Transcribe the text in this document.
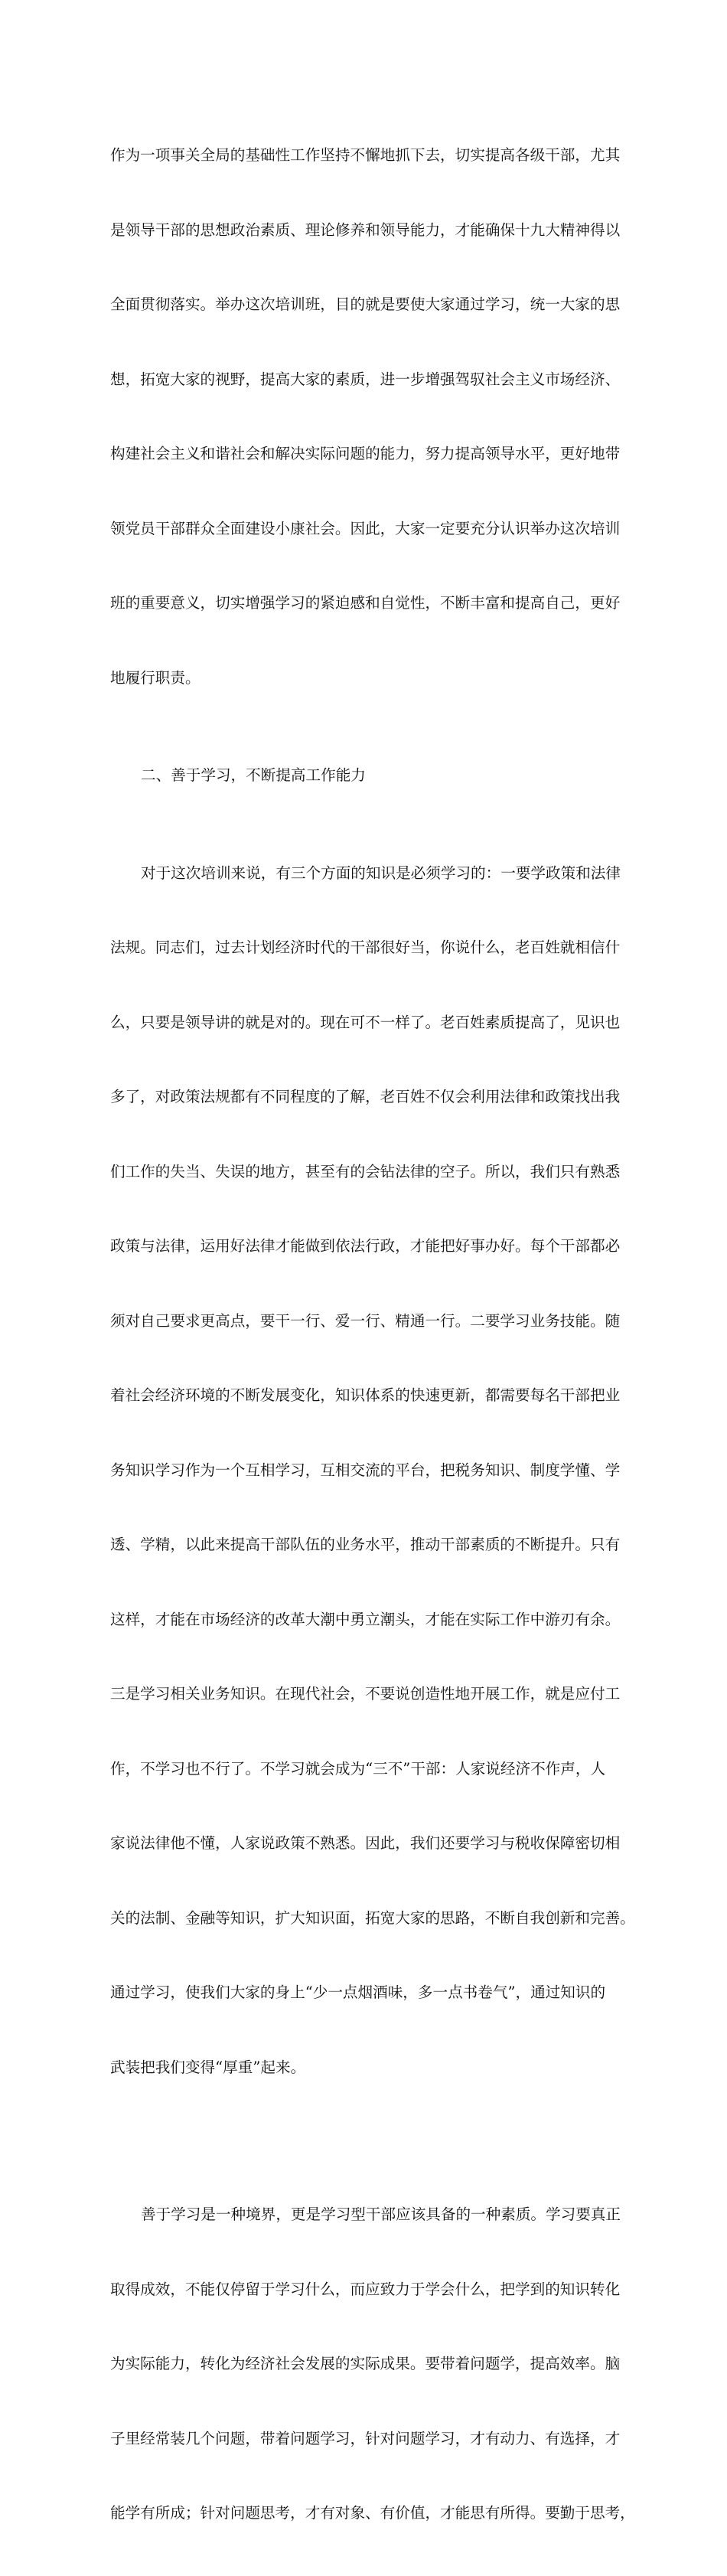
作为一项事关全局的基础性工作坚持不懈地抓下去，切实提高各级干部，尤其

是领导干部的思想政治素质、理论修养和领导能力，才能确保十九大精神得以

全面贯彻落实。举办这次培训班，目的就是要使大家通过学习，统一大家的思

想，拓宽大家的视野，提高大家的素质，进一步增强驾驭社会主义市场经济、

构建社会主义和谐社会和解决实际问题的能力，努力提高领导水平，更好地带

领党员干部群众全面建设小康社会。因此，大家一定要充分认识举办这次培训

班的重要意义，切实增强学习的紧迫感和自觉性，不断丰富和提高自己，更好

地履行职责。

二、善于学习，不断提高工作能力

对于这次培训来说，有三个方面的知识是必须学习的：一要学政策和法律

法规。同志们，过去计划经济时代的干部很好当，你说什么，老百姓就相信什

么，只要是领导讲的就是对的。现在可不一样了。老百姓素质提高了，见识也

多了，对政策法规都有不同程度的了解，老百姓不仅会利用法律和政策找出我

们工作的失当、失误的地方，甚至有的会钻法律的空子。所以，我们只有熟悉

政策与法律，运用好法律才能做到依法行政，才能把好事办好。每个干部都必

须对自己要求更高点，要干一行、爱一行、精通一行。二要学习业务技能。随

着社会经济环境的不断发展变化，知识体系的快速更新，都需要每名干部把业

务知识学习作为一个互相学习，互相交流的平台，把税务知识、制度学懂、学

透、学精，以此来提高干部队伍的业务水平，推动干部素质的不断提升。只有

这样，才能在市场经济的改革大潮中勇立潮头，才能在实际工作中游刃有余。

三是学习相关业务知识。在现代社会，不要说创造性地开展工作，就是应付工

作，不学习也不行了。不学习就会成为“三不”干部：人家说经济不作声，人

家说法律他不懂，人家说政策不熟悉。因此，我们还要学习与税收保障密切相

关的法制、金融等知识，扩大知识面，拓宽大家的思路，不断自我创新和完善。

通过学习，使我们大家的身上“少一点烟酒味，多一点书卷气”，通过知识的

武装把我们变得“厚重”起来。

善于学习是一种境界，更是学习型干部应该具备的一种素质。学习要真正

取得成效，不能仅停留于学习什么，而应致力于学会什么，把学到的知识转化

为实际能力，转化为经济社会发展的实际成果。要带着问题学，提高效率。脑

子里经常装几个问题，带着问题学习，针对问题学习，才有动力、有选择，才

能学有所成；针对问题思考，才有对象、有价值，才能思有所得。要勤于思考，
